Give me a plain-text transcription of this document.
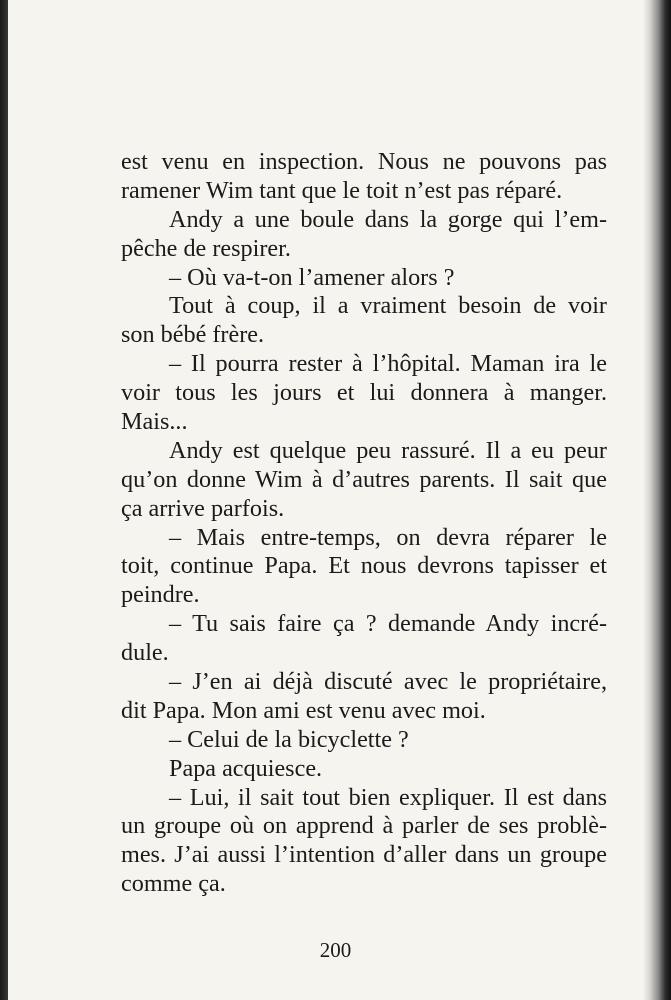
est venu en inspection. Nous ne pouvons pas
ramener Wim tant que le toit n’est pas réparé.
Andy a une boule dans la gorge qui l’em-
pêche de respirer.
– Où va-t-on l’amener alors ?
Tout à coup, il a vraiment besoin de voir
son bébé frère.
– Il pourra rester à l’hôpital. Maman ira le
voir tous les jours et lui donnera à manger.
Mais...
Andy est quelque peu rassuré. Il a eu peur
qu’on donne Wim à d’autres parents. Il sait que
ça arrive parfois.
– Mais entre-temps, on devra réparer le
toit, continue Papa. Et nous devrons tapisser et
peindre.
– Tu sais faire ça ? demande Andy incré-
dule.
– J’en ai déjà discuté avec le propriétaire,
dit Papa. Mon ami est venu avec moi.
– Celui de la bicyclette ?
Papa acquiesce.
– Lui, il sait tout bien expliquer. Il est dans
un groupe où on apprend à parler de ses problè-
mes. J’ai aussi l’intention d’aller dans un groupe
comme ça.
200
